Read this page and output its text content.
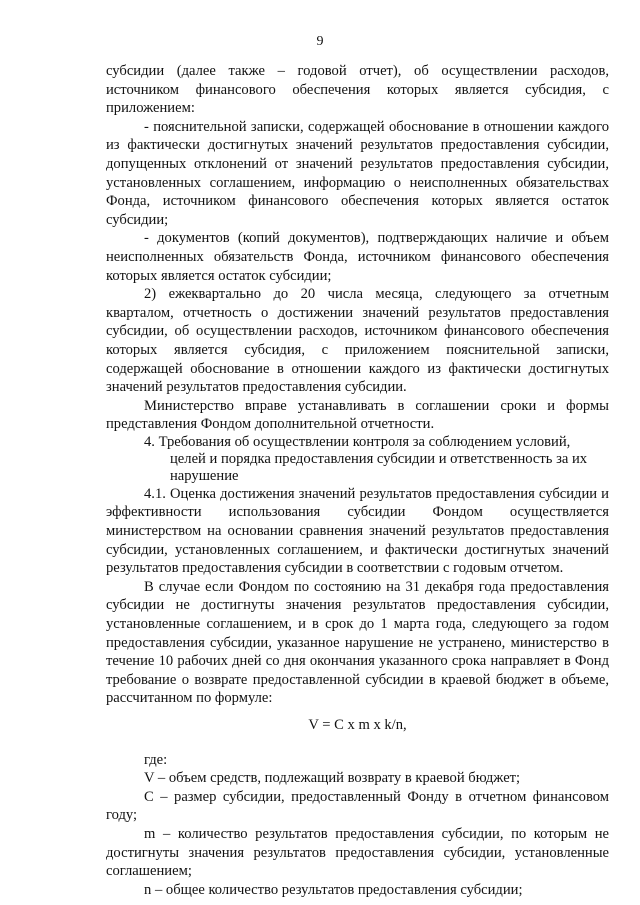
9

субсидии (далее также – годовой отчет), об осуществлении расходов, источником финансового обеспечения которых является субсидия, с приложением:

- пояснительной записки, содержащей обоснование в отношении каждого из фактически достигнутых значений результатов предоставления субсидии, допущенных отклонений от значений результатов предоставления субсидии, установленных соглашением, информацию о неисполненных обязательствах Фонда, источником финансового обеспечения которых является остаток субсидии;

- документов (копий документов), подтверждающих наличие и объем неисполненных обязательств Фонда, источником финансового обеспечения которых является остаток субсидии;

2) ежеквартально до 20 числа месяца, следующего за отчетным кварталом, отчетность о достижении значений результатов предоставления субсидии, об осуществлении расходов, источником финансового обеспечения которых является субсидия, с приложением пояснительной записки, содержащей обоснование в отношении каждого из фактически достигнутых значений результатов предоставления субсидии.

Министерство вправе устанавливать в соглашении сроки и формы представления Фондом дополнительной отчетности.

4. Требования об осуществлении контроля за соблюдением условий,
целей и порядка предоставления субсидии и ответственность за их
нарушение

4.1. Оценка достижения значений результатов предоставления субсидии и эффективности использования субсидии Фондом осуществляется министерством на основании сравнения значений результатов предоставления субсидии, установленных соглашением, и фактически достигнутых значений результатов предоставления субсидии в соответствии с годовым отчетом.

В случае если Фондом по состоянию на 31 декабря года предоставления субсидии не достигнуты значения результатов предоставления субсидии, установленные соглашением, и в срок до 1 марта года, следующего за годом предоставления субсидии, указанное нарушение не устранено, министерство в течение 10 рабочих дней со дня окончания указанного срока направляет в Фонд требование о возврате предоставленной субсидии в краевой бюджет в объеме, рассчитанном по формуле:

V = C x m x k/n,

где:

V – объем средств, подлежащий возврату в краевой бюджет;

С – размер субсидии, предоставленный Фонду в отчетном финансовом году;

m – количество результатов предоставления субсидии, по которым не достигнуты значения результатов предоставления субсидии, установленные соглашением;

n – общее количество результатов предоставления субсидии;
